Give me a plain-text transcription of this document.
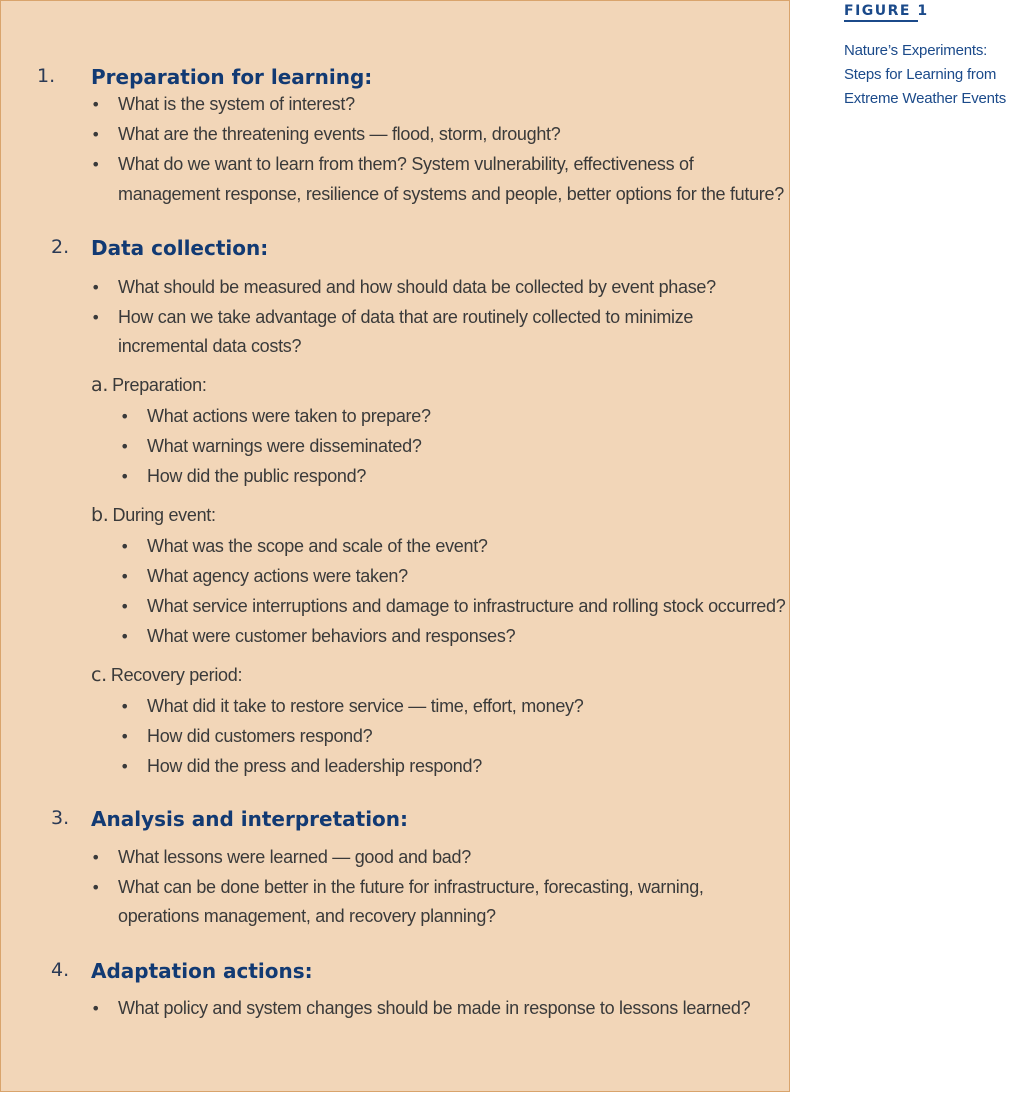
1. Preparation for learning:
• What is the system of interest?
• What are the threatening events — flood, storm, drought?
• What do we want to learn from them? System vulnerability, effectiveness of
management response, resilience of systems and people, better options for the future?
2. Data collection:
• What should be measured and how should data be collected by event phase?
• How can we take advantage of data that are routinely collected to minimize
incremental data costs?
a. Preparation:
• What actions were taken to prepare?
• What warnings were disseminated?
• How did the public respond?
b. During event:
• What was the scope and scale of the event?
• What agency actions were taken?
• What service interruptions and damage to infrastructure and rolling stock occurred?
• What were customer behaviors and responses?
c. Recovery period:
• What did it take to restore service — time, effort, money?
• How did customers respond?
• How did the press and leadership respond?
3. Analysis and interpretation:
• What lessons were learned — good and bad?
• What can be done better in the future for infrastructure, forecasting, warning,
operations management, and recovery planning?
4. Adaptation actions:
• What policy and system changes should be made in response to lessons learned?
FIGURE 1
Nature’s Experiments:
Steps for Learning from
Extreme Weather Events
